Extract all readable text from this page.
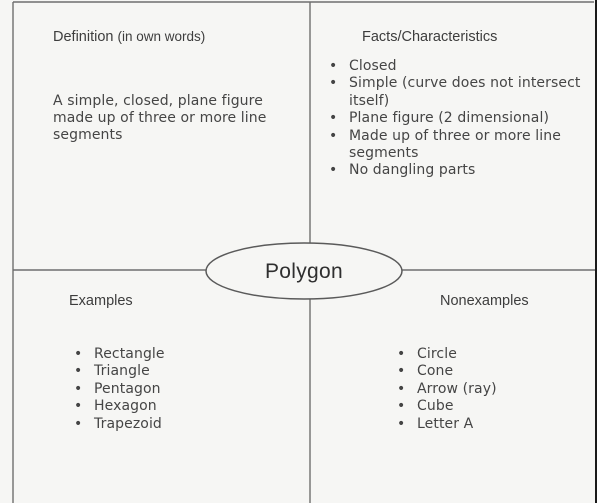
Definition (in own words)

A simple, closed, plane figure made up of three or more line segments

Facts/Characteristics
• Closed
• Simple (curve does not intersect itself)
• Plane figure (2 dimensional)
• Made up of three or more line segments
• No dangling parts
Polygon
Examples
• Rectangle
• Triangle
• Pentagon
• Hexagon
• Trapezoid
Nonexamples
• Circle
• Cone
• Arrow (ray)
• Cube
• Letter A
